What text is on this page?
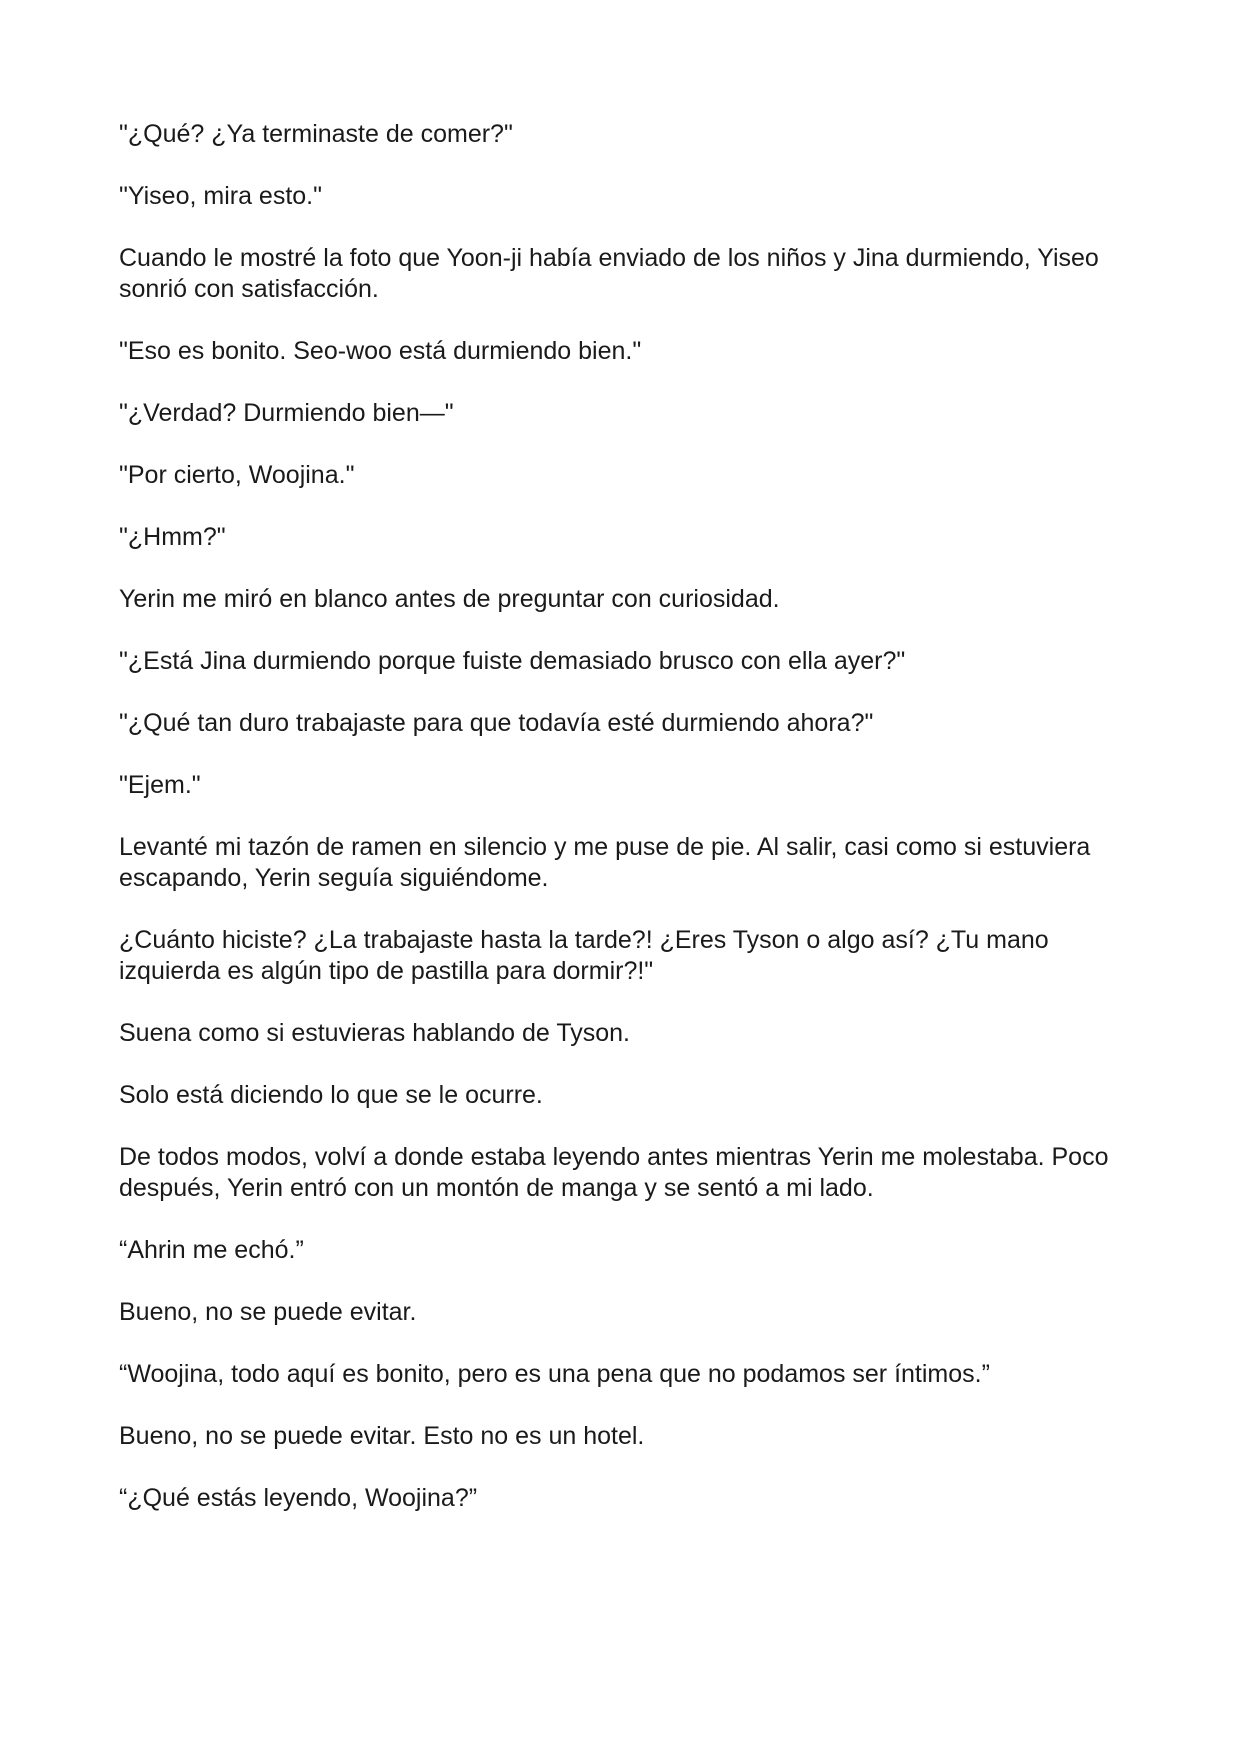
"¿Qué? ¿Ya terminaste de comer?"

"Yiseo, mira esto."

Cuando le mostré la foto que Yoon-ji había enviado de los niños y Jina durmiendo, Yiseo sonrió con satisfacción.

"Eso es bonito. Seo-woo está durmiendo bien."

"¿Verdad? Durmiendo bien—"

"Por cierto, Woojina."

"¿Hmm?"

Yerin me miró en blanco antes de preguntar con curiosidad.

"¿Está Jina durmiendo porque fuiste demasiado brusco con ella ayer?"

"¿Qué tan duro trabajaste para que todavía esté durmiendo ahora?"

"Ejem."

Levanté mi tazón de ramen en silencio y me puse de pie. Al salir, casi como si estuviera escapando, Yerin seguía siguiéndome.

¿Cuánto hiciste? ¿La trabajaste hasta la tarde?! ¿Eres Tyson o algo así? ¿Tu mano izquierda es algún tipo de pastilla para dormir?!"

Suena como si estuvieras hablando de Tyson.

Solo está diciendo lo que se le ocurre.

De todos modos, volví a donde estaba leyendo antes mientras Yerin me molestaba. Poco después, Yerin entró con un montón de manga y se sentó a mi lado.

“Ahrin me echó.”

Bueno, no se puede evitar.

“Woojina, todo aquí es bonito, pero es una pena que no podamos ser íntimos.”

Bueno, no se puede evitar. Esto no es un hotel.

“¿Qué estás leyendo, Woojina?”
